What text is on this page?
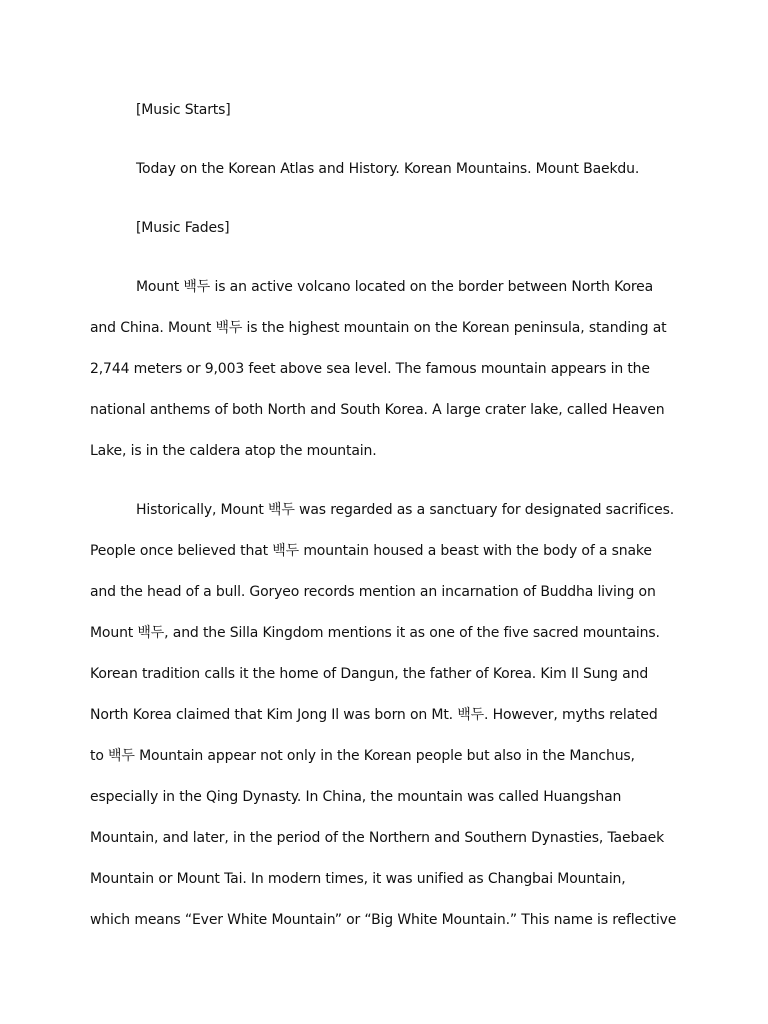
[Music Starts]

Today on the Korean Atlas and History. Korean Mountains. Mount Baekdu.

[Music Fades]

Mount 백두 is an active volcano located on the border between North Korea
and China. Mount 백두 is the highest mountain on the Korean peninsula, standing at
2,744 meters or 9,003 feet above sea level. The famous mountain appears in the
national anthems of both North and South Korea. A large crater lake, called Heaven
Lake, is in the caldera atop the mountain.

Historically, Mount 백두 was regarded as a sanctuary for designated sacrifices.
People once believed that 백두 mountain housed a beast with the body of a snake
and the head of a bull. Goryeo records mention an incarnation of Buddha living on
Mount 백두, and the Silla Kingdom mentions it as one of the five sacred mountains.
Korean tradition calls it the home of Dangun, the father of Korea. Kim Il Sung and
North Korea claimed that Kim Jong Il was born on Mt. 백두. However, myths related
to 백두 Mountain appear not only in the Korean people but also in the Manchus,
especially in the Qing Dynasty. In China, the mountain was called Huangshan
Mountain, and later, in the period of the Northern and Southern Dynasties, Taebaek
Mountain or Mount Tai. In modern times, it was unified as Changbai Mountain,
which means “Ever White Mountain” or “Big White Mountain.” This name is reflective
